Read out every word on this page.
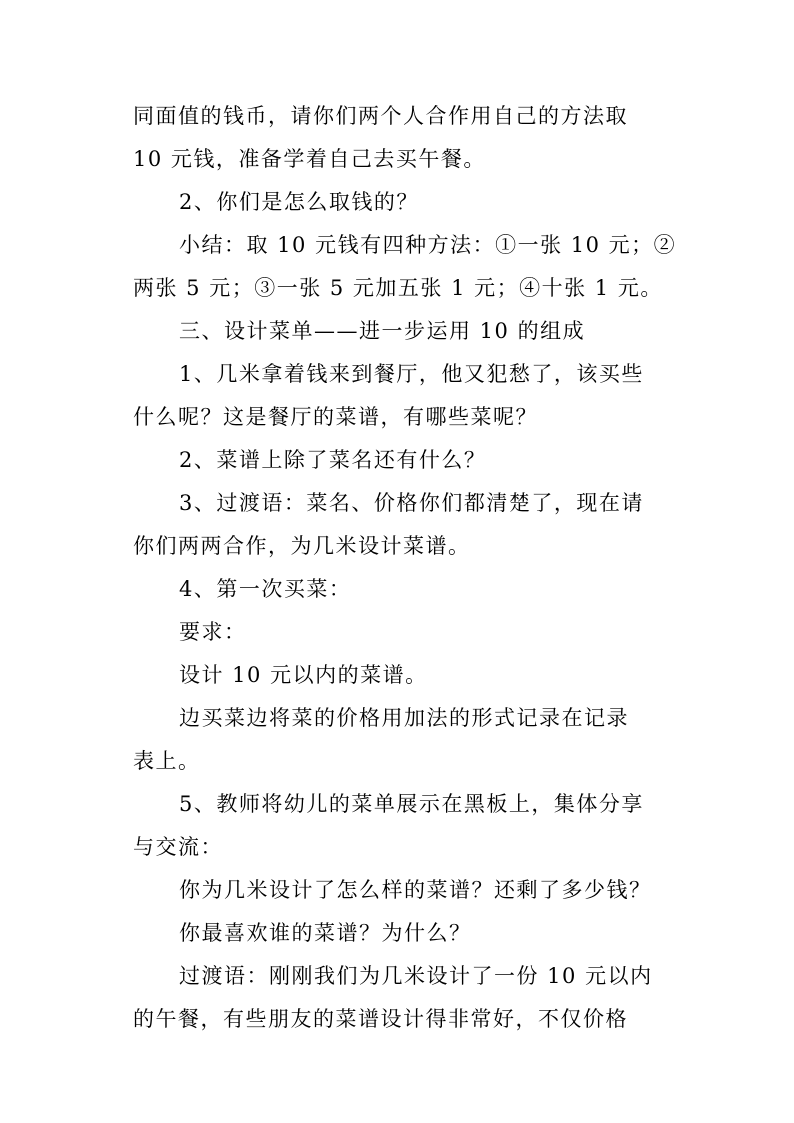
同面值的钱币，请你们两个人合作用自己的方法取
10 元钱，准备学着自己去买午餐。
2、你们是怎么取钱的？
小结：取 10 元钱有四种方法：①一张 10 元；②
两张 5 元；③一张 5 元加五张 1 元；④十张 1 元。
三、设计菜单——进一步运用 10 的组成
1、几米拿着钱来到餐厅，他又犯愁了，该买些
什么呢？这是餐厅的菜谱，有哪些菜呢？
2、菜谱上除了菜名还有什么？
3、过渡语：菜名、价格你们都清楚了，现在请
你们两两合作，为几米设计菜谱。
4、第一次买菜：
要求：
设计 10 元以内的菜谱。
边买菜边将菜的价格用加法的形式记录在记录
表上。
5、教师将幼儿的菜单展示在黑板上，集体分享
与交流：
你为几米设计了怎么样的菜谱？还剩了多少钱？
你最喜欢谁的菜谱？为什么？
过渡语：刚刚我们为几米设计了一份 10 元以内
的午餐，有些朋友的菜谱设计得非常好，不仅价格
